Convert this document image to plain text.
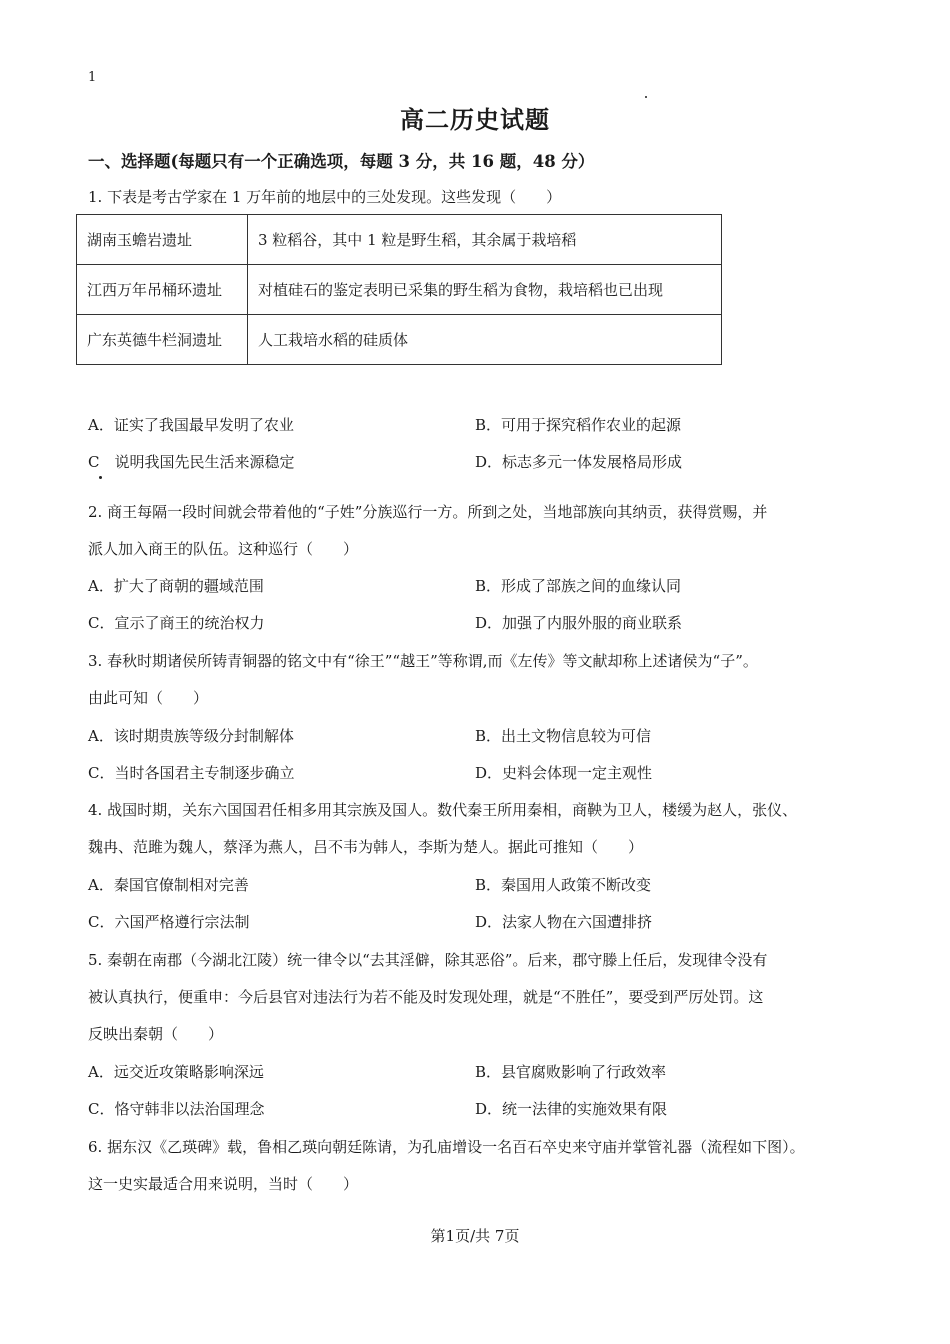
1
高二历史试题
一、选择题(每题只有一个正确选项，每题 3 分，共 16 题，48 分）
1. 下表是考古学家在 1 万年前的地层中的三处发现。这些发现（　　）
湖南玉蟾岩遗址	3 粒稻谷，其中 1 粒是野生稻，其余属于栽培稻
江西万年吊桶环遗址	对植硅石的鉴定表明已采集的野生稻为食物，栽培稻也已出现
广东英德牛栏洞遗址	人工栽培水稻的硅质体
A．证实了我国最早发明了农业	B．可用于探究稻作农业的起源
C　说明我国先民生活来源稳定	D．标志多元一体发展格局形成
2. 商王每隔一段时间就会带着他的“子姓”分族巡行一方。所到之处，当地部族向其纳贡，获得赏赐，并
派人加入商王的队伍。这种巡行（　　）
A．扩大了商朝的疆域范围	B．形成了部族之间的血缘认同
C．宣示了商王的统治权力	D．加强了内服外服的商业联系
3. 春秋时期诸侯所铸青铜器的铭文中有“徐王”“越王”等称谓,而《左传》等文献却称上述诸侯为“子”。
由此可知（　　）
A．该时期贵族等级分封制解体	B．出土文物信息较为可信
C．当时各国君主专制逐步确立	D．史料会体现一定主观性
4. 战国时期，关东六国国君任相多用其宗族及国人。数代秦王所用秦相，商鞅为卫人，楼缓为赵人，张仪、
魏冉、范雎为魏人，蔡泽为燕人，吕不韦为韩人，李斯为楚人。据此可推知（　　）
A．秦国官僚制相对完善	B．秦国用人政策不断改变
C．六国严格遵行宗法制	D．法家人物在六国遭排挤
5. 秦朝在南郡（今湖北江陵）统一律令以“去其淫僻，除其恶俗”。后来，郡守滕上任后，发现律令没有
被认真执行，便重申：今后县官对违法行为若不能及时发现处理，就是“不胜任”，要受到严厉处罚。这
反映出秦朝（　　）
A．远交近攻策略影响深远	B．县官腐败影响了行政效率
C．恪守韩非以法治国理念	D．统一法律的实施效果有限
6. 据东汉《乙瑛碑》载，鲁相乙瑛向朝廷陈请，为孔庙增设一名百石卒史来守庙并掌管礼器（流程如下图）。
这一史实最适合用来说明，当时（　　）
第1页/共 7页
